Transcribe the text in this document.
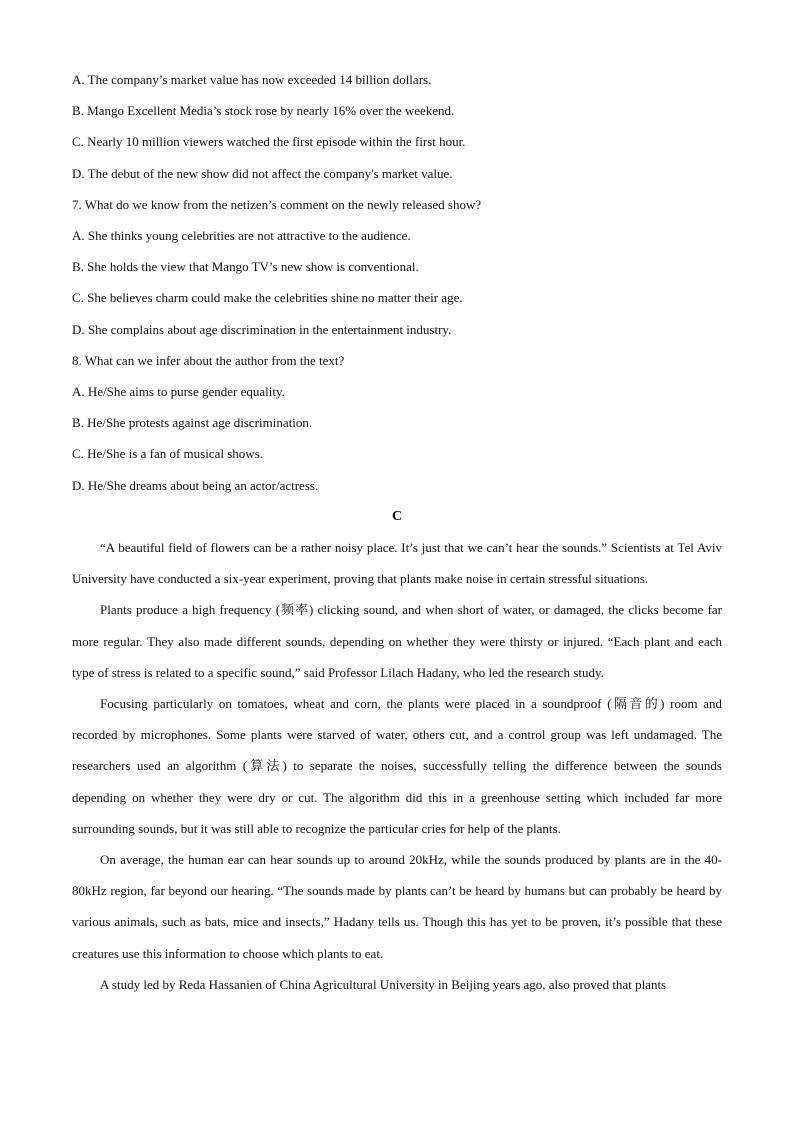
A. The company’s market value has now exceeded 14 billion dollars.

B. Mango Excellent Media’s stock rose by nearly 16% over the weekend.

C. Nearly 10 million viewers watched the first episode within the first hour.

D. The debut of the new show did not affect the company's market value.

7. What do we know from the netizen’s comment on the newly released show?

A. She thinks young celebrities are not attractive to the audience.

B. She holds the view that Mango TV’s new show is conventional.

C. She believes charm could make the celebrities shine no matter their age.

D. She complains about age discrimination in the entertainment industry.

8. What can we infer about the author from the text?

A. He/She aims to purse gender equality.

B. He/She protests against age discrimination.

C. He/She is a fan of musical shows.

D. He/She dreams about being an actor/actress.

C

“A beautiful field of flowers can be a rather noisy place. It’s just that we can’t hear the sounds.” Scientists at Tel Aviv University have conducted a six-year experiment, proving that plants make noise in certain stressful situations.

Plants produce a high frequency (频率) clicking sound, and when short of water, or damaged, the clicks become far more regular. They also made different sounds, depending on whether they were thirsty or injured. “Each plant and each type of stress is related to a specific sound,” said Professor Lilach Hadany, who led the research study.

Focusing particularly on tomatoes, wheat and corn, the plants were placed in a soundproof (隔音的) room and recorded by microphones. Some plants were starved of water, others cut, and a control group was left undamaged. The researchers used an algorithm (算法) to separate the noises, successfully telling the difference between the sounds depending on whether they were dry or cut. The algorithm did this in a greenhouse setting which included far more surrounding sounds, but it was still able to recognize the particular cries for help of the plants.

On average, the human ear can hear sounds up to around 20kHz, while the sounds produced by plants are in the 40-80kHz region, far beyond our hearing. “The sounds made by plants can’t be heard by humans but can probably be heard by various animals, such as bats, mice and insects,” Hadany tells us. Though this has yet to be proven, it’s possible that these creatures use this information to choose which plants to eat.

A study led by Reda Hassanien of China Agricultural University in Beijing years ago, also proved that plants
